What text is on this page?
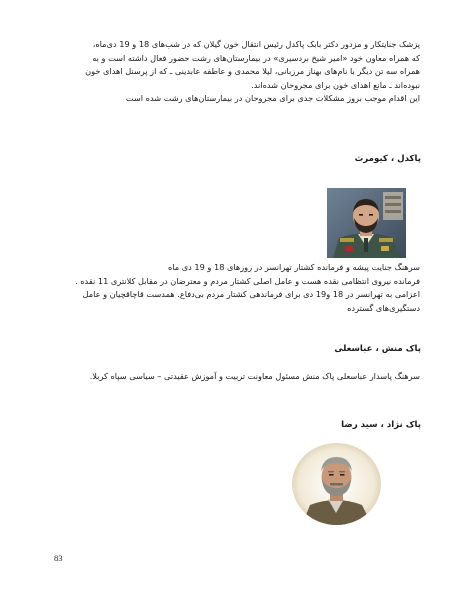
پزشک جنایتکار و مزدور دکتر بابک پاکدل رئیس انتقال خون گیلان که در شب‌های 18 و 19 دی‌ماه،
که همراه معاون خود «امیر شیخ بردسیری» در بیمارستان‌های رشت حضور فعال داشته است و به
همراه سه تن دیگر با نام‌های بهناز مرزبانی، لیلا محمدی و عاطفه عابدینی ـ که از پرسنل اهدای خون
نبوده‌اند ـ مانع اهدای خون برای مجروحان شده‌اند.
این اقدام موجب بروز مشکلات جدی برای مجروحان در بیمارستان‌های رشت شده است
پاکدل ، کیومرث
سرهنگ جنایت پیشه و فرمانده کشتار تهرانسر در روزهای 18 و 19 دی ماه
فرمانده نیروی انتظامی نقده هست و عامل اصلی کشتار مردم و معترضان در مقابل کلانتری 11 نقده .
اعزامی به تهرانسر در 18 و19 دی برای فرماندهی کشتار مردم بی‌دفاع. همدست قاچاقچیان و عامل
دستگیری‌های گسترده
پاک منش ، عباسعلی
سرهنگ پاسدار عباسعلی پاک منش مسئول معاونت تربیت و آموزش عقیدتی – سیاسی سپاه کربلا.
پاک نژاد ، سید رضا
83
